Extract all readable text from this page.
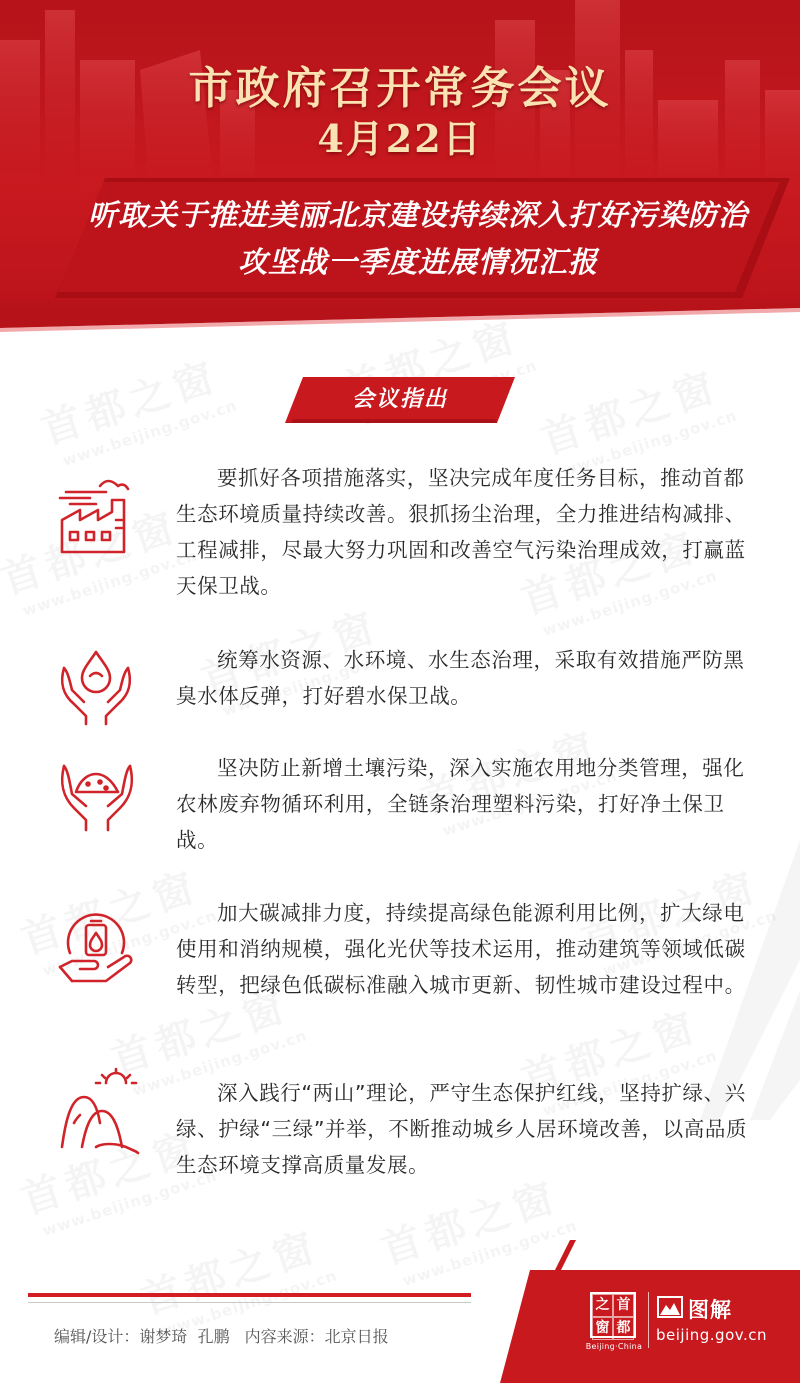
市政府召开常务会议
4月22日
听取关于推进美丽北京建设持续深入打好污染防治攻坚战一季度进展情况汇报
会议指出
要抓好各项措施落实，坚决完成年度任务目标，推动首都生态环境质量持续改善。狠抓扬尘治理，全力推进结构减排、工程减排，尽最大努力巩固和改善空气污染治理成效，打赢蓝天保卫战。
统筹水资源、水环境、水生态治理，采取有效措施严防黑臭水体反弹，打好碧水保卫战。
坚决防止新增土壤污染，深入实施农用地分类管理，强化农林废弃物循环利用，全链条治理塑料污染，打好净土保卫战。
加大碳减排力度，持续提高绿色能源利用比例，扩大绿电使用和消纳规模，强化光伏等技术运用，推动建筑等领域低碳转型，把绿色低碳标准融入城市更新、韧性城市建设过程中。
深入践行“两山”理论，严守生态保护红线，坚持扩绿、兴绿、护绿“三绿”并举，不断推动城乡人居环境改善，以高品质生态环境支撑高质量发展。
编辑/设计：谢梦琦  孔鹏 内容来源：北京日报
之 首
窗 都
Beijing·China
图解
beijing.gov.cn
